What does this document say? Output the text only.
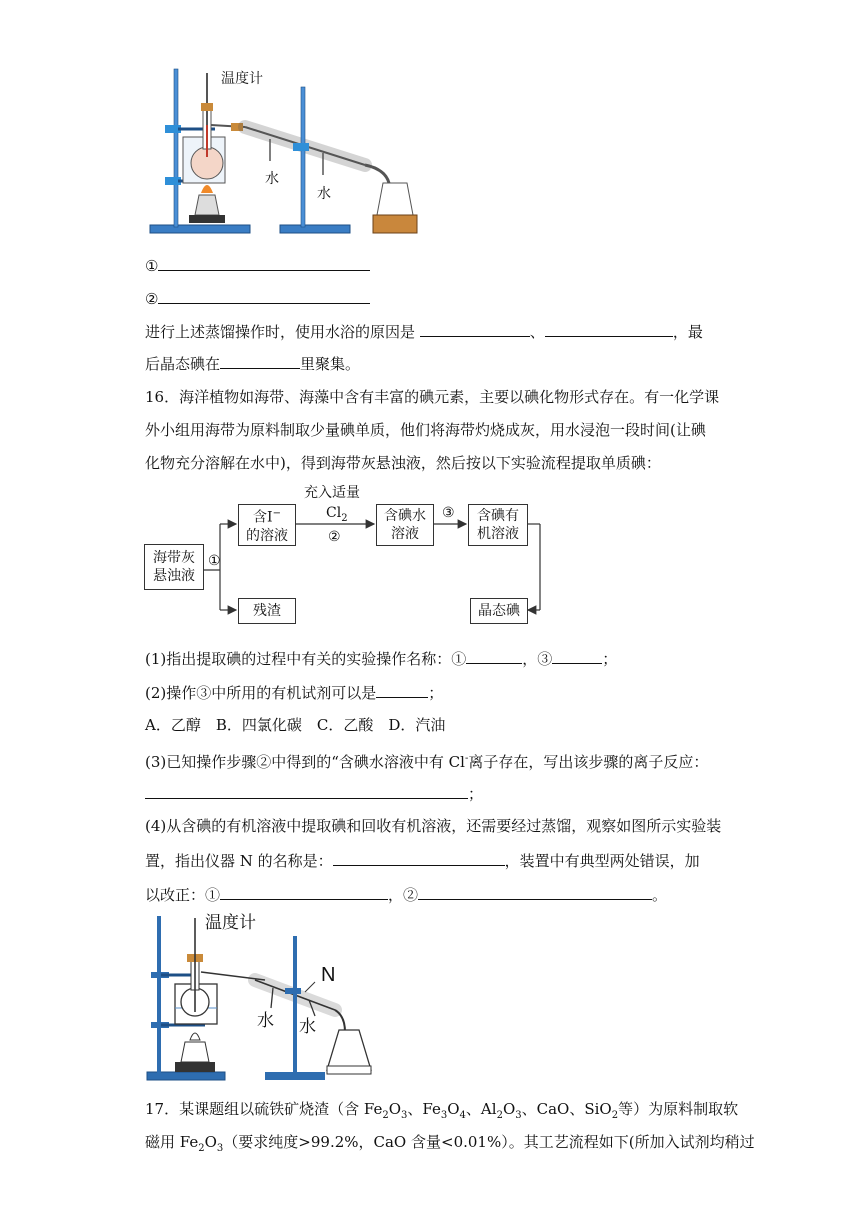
温度计
水
水
①
②
进行上述蒸馏操作时，使用水浴的原因是	、	，最
后晶态碘在	里聚集。
16．海洋植物如海带、海藻中含有丰富的碘元素，主要以碘化物形式存在。有一化学课
外小组用海带为原料制取少量碘单质，他们将海带灼烧成灰，用水浸泡一段时间(让碘
化物充分溶解在水中)，得到海带灰悬浊液，然后按以下实验流程提取单质碘：
海带灰
悬浊液
①
含I−
的溶液
残渣
充入适量
$Cl_2$
②
含碘水
溶液
③ 含碘有
机溶液
晶态碘
(1)指出提取碘的过程中有关的实验操作名称：①	，③	；
(2)操作③中所用的有机试剂可以是	；
A．乙醇　B．四氯化碳　C．乙酸　D．汽油
(3)已知操作步骤②中得到的“含碘水溶液中有 Cl-离子存在，写出该步骤的离子反应：
；
(4)从含碘的有机溶液中提取碘和回收有机溶液，还需要经过蒸馏，观察如图所示实验装
置，指出仪器 N 的名称是：	，装置中有典型两处错误，加
以改正：①	，②	。
温度计
N
水 水
17．某课题组以硫铁矿烧渣（含 $Fe_2O_3$、$Fe_3O_4$、$Al_2O_3$、CaO、SiO$_2$等）为原料制取软
磁用 $Fe_2O_3$（要求纯度>99.2%，CaO 含量<0.01%）。其工艺流程如下(所加入试剂均稍过
